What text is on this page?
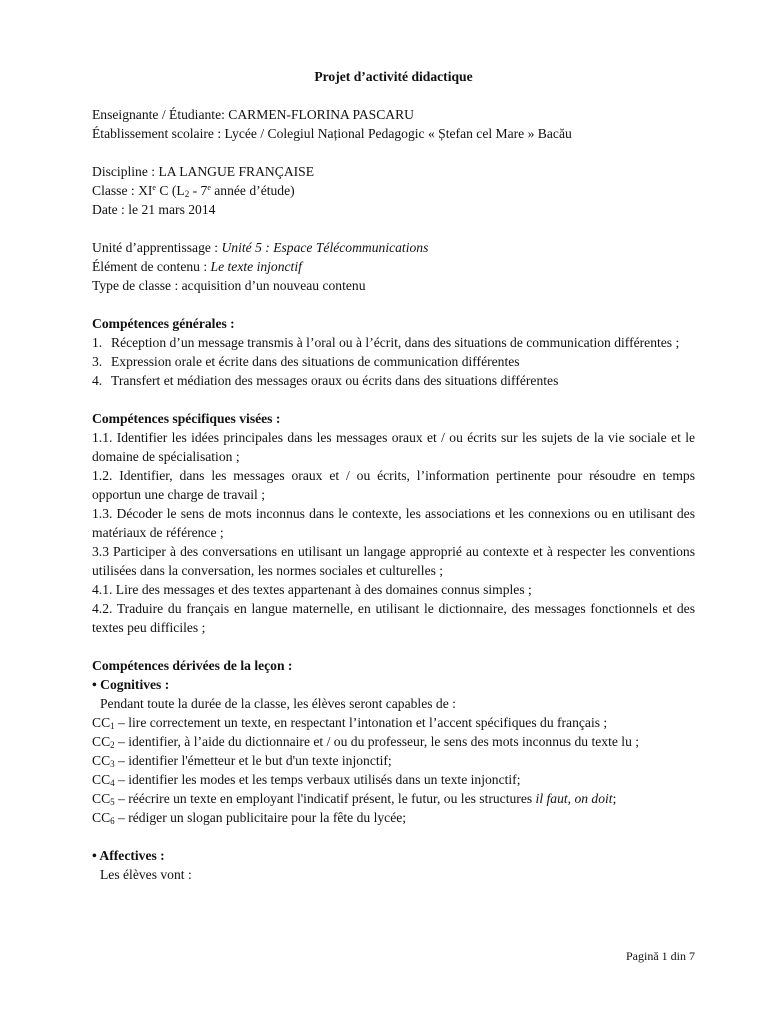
Projet d’activité didactique
Enseignante / Étudiante: CARMEN-FLORINA PASCARU
Établissement scolaire : Lycée / Colegiul Național Pedagogic « Ștefan cel Mare » Bacău
Discipline : LA LANGUE FRANÇAISE
Classe : XIe C ($L_2 - 7e$ année d’étude)
Date : le 21 mars 2014
Unité d’apprentissage : Unité 5 : Espace Télécommunications
Élément de contenu : Le texte injonctif
Type de classe : acquisition d’un nouveau contenu
Compétences générales :
1. Réception d’un message transmis à l’oral ou à l’écrit, dans des situations de communication différentes ;
3. Expression orale et écrite dans des situations de communication différentes
4. Transfert et médiation des messages oraux ou écrits dans des situations différentes
Compétences spécifiques visées :
1.1. Identifier les idées principales dans les messages oraux et / ou écrits sur les sujets de la vie sociale et le domaine de spécialisation ;
1.2. Identifier, dans les messages oraux et / ou écrits, l’information pertinente pour résoudre en temps opportun une charge de travail ;
1.3. Décoder le sens de mots inconnus dans le contexte, les associations et les connexions ou en utilisant des matériaux de référence ;
3.3 Participer à des conversations en utilisant un langage approprié au contexte et à respecter les conventions utilisées dans la conversation, les normes sociales et culturelles ;
4.1. Lire des messages et des textes appartenant à des domaines connus simples ;
4.2. Traduire du français en langue maternelle, en utilisant le dictionnaire, des messages fonctionnels et des textes peu difficiles ;
Compétences dérivées de la leçon :
• Cognitives :
Pendant toute la durée de la classe, les élèves seront capables de :
$CC_1$ – lire correctement un texte, en respectant l’intonation et l’accent spécifiques du français ;
$CC_2$ – identifier, à l’aide du dictionnaire et / ou du professeur, le sens des mots inconnus du texte lu ;
$CC_3$ – identifier l'émetteur et le but d'un texte injonctif;
$CC_4$ – identifier les modes et les temps verbaux utilisés dans un texte injonctif;
$CC_5$ – réécrire un texte en employant l'indicatif présent, le futur, ou les structures il faut, on doit;
$CC_6$ – rédiger un slogan publicitaire pour la fête du lycée;
• Affectives :
Les élèves vont :
Pagină 1 din 7
